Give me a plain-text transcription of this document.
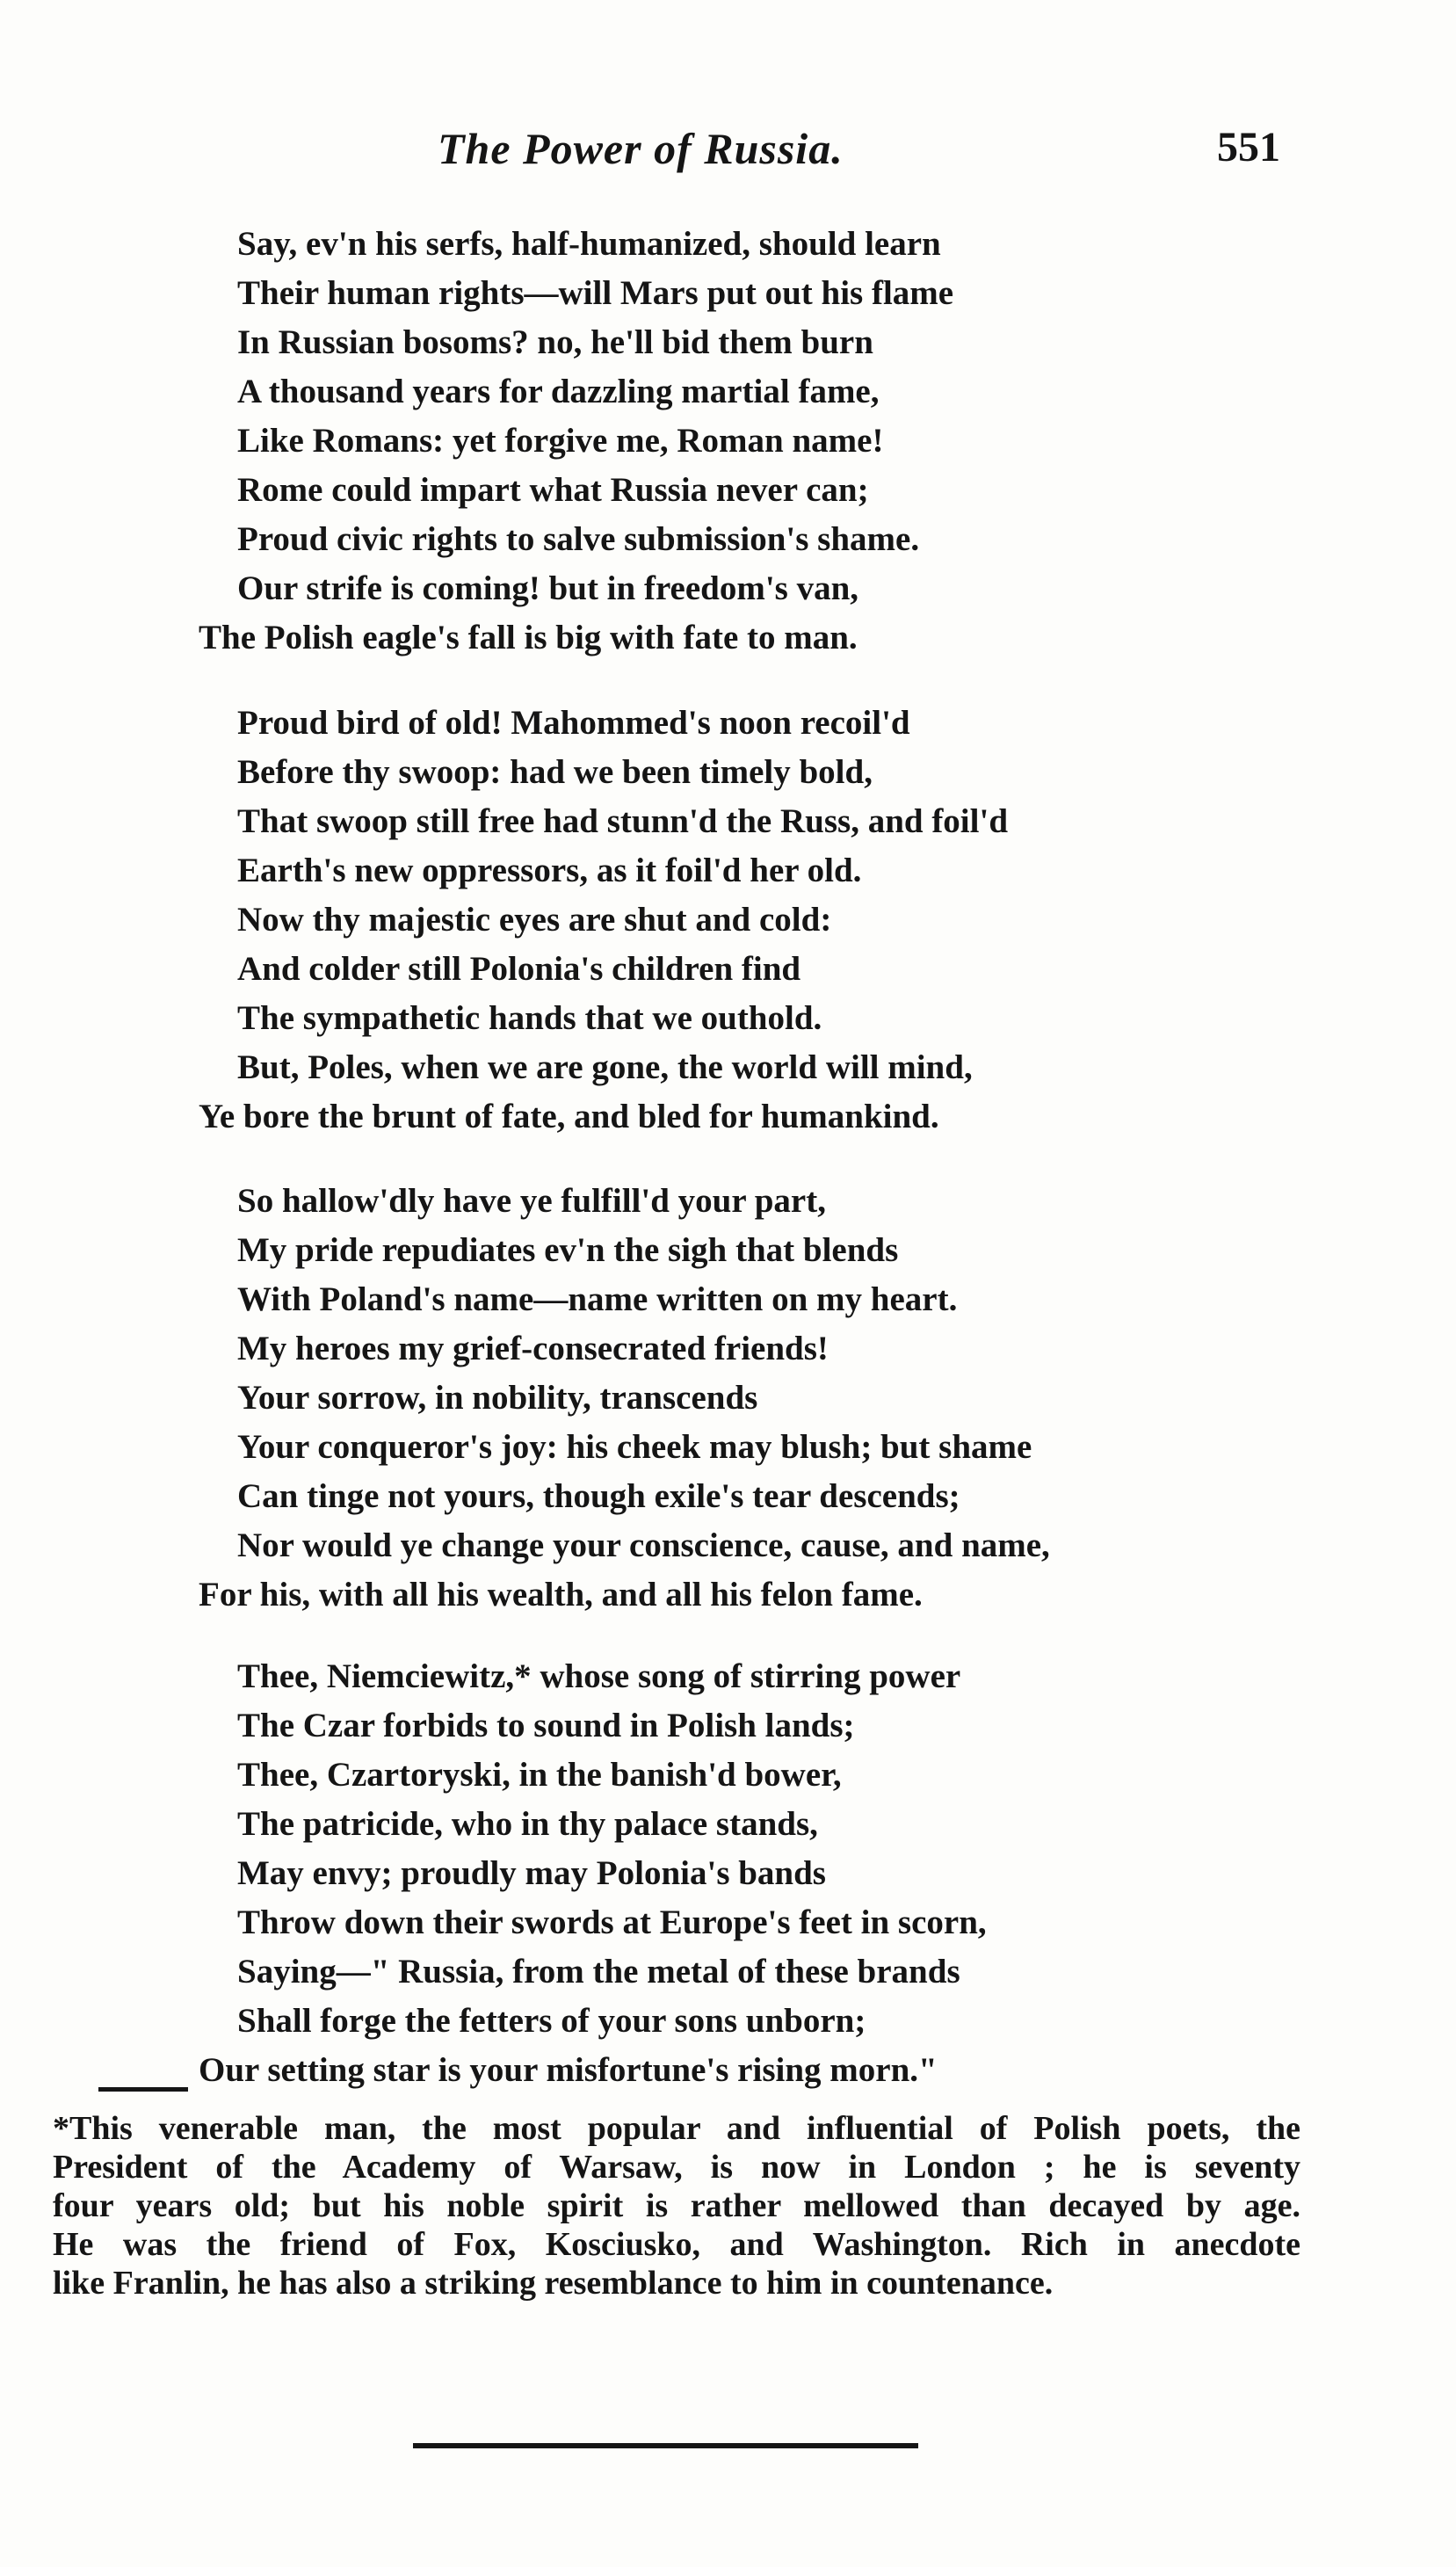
The Power of Russia.	551
Say, ev'n his serfs, half-humanized, should learn
Their human rights—will Mars put out his flame
In Russian bosoms? no, he'll bid them burn
A thousand years for dazzling martial fame,
Like Romans: yet forgive me, Roman name!
Rome could impart what Russia never can;
Proud civic rights to salve submission's shame.
Our strife is coming! but in freedom's van,
The Polish eagle's fall is big with fate to man.
Proud bird of old! Mahommed's noon recoil'd
Before thy swoop: had we been timely bold,
That swoop still free had stunn'd the Russ, and foil'd
Earth's new oppressors, as it foil'd her old.
Now thy majestic eyes are shut and cold:
And colder still Polonia's children find
The sympathetic hands that we outhold.
But, Poles, when we are gone, the world will mind,
Ye bore the brunt of fate, and bled for humankind.
So hallow'dly have ye fulfill'd your part,
My pride repudiates ev'n the sigh that blends
With Poland's name—name written on my heart.
My heroes my grief-consecrated friends!
Your sorrow, in nobility, transcends
Your conqueror's joy: his cheek may blush; but shame
Can tinge not yours, though exile's tear descends;
Nor would ye change your conscience, cause, and name,
For his, with all his wealth, and all his felon fame.
Thee, Niemciewitz,* whose song of stirring power
The Czar forbids to sound in Polish lands;
Thee, Czartoryski, in the banish'd bower,
The patricide, who in thy palace stands,
May envy; proudly may Polonia's bands
Throw down their swords at Europe's feet in scorn,
Saying—" Russia, from the metal of these brands
Shall forge the fetters of your sons unborn;
Our setting star is your misfortune's rising morn."
*This venerable man, the most popular and influential of Polish poets, the
President of the Academy of Warsaw, is now in London ; he is seventy
four years old; but his noble spirit is rather mellowed than decayed by age.
He was the friend of Fox, Kosciusko, and Washington. Rich in anecdote
like Franlin, he has also a striking resemblance to him in countenance.
